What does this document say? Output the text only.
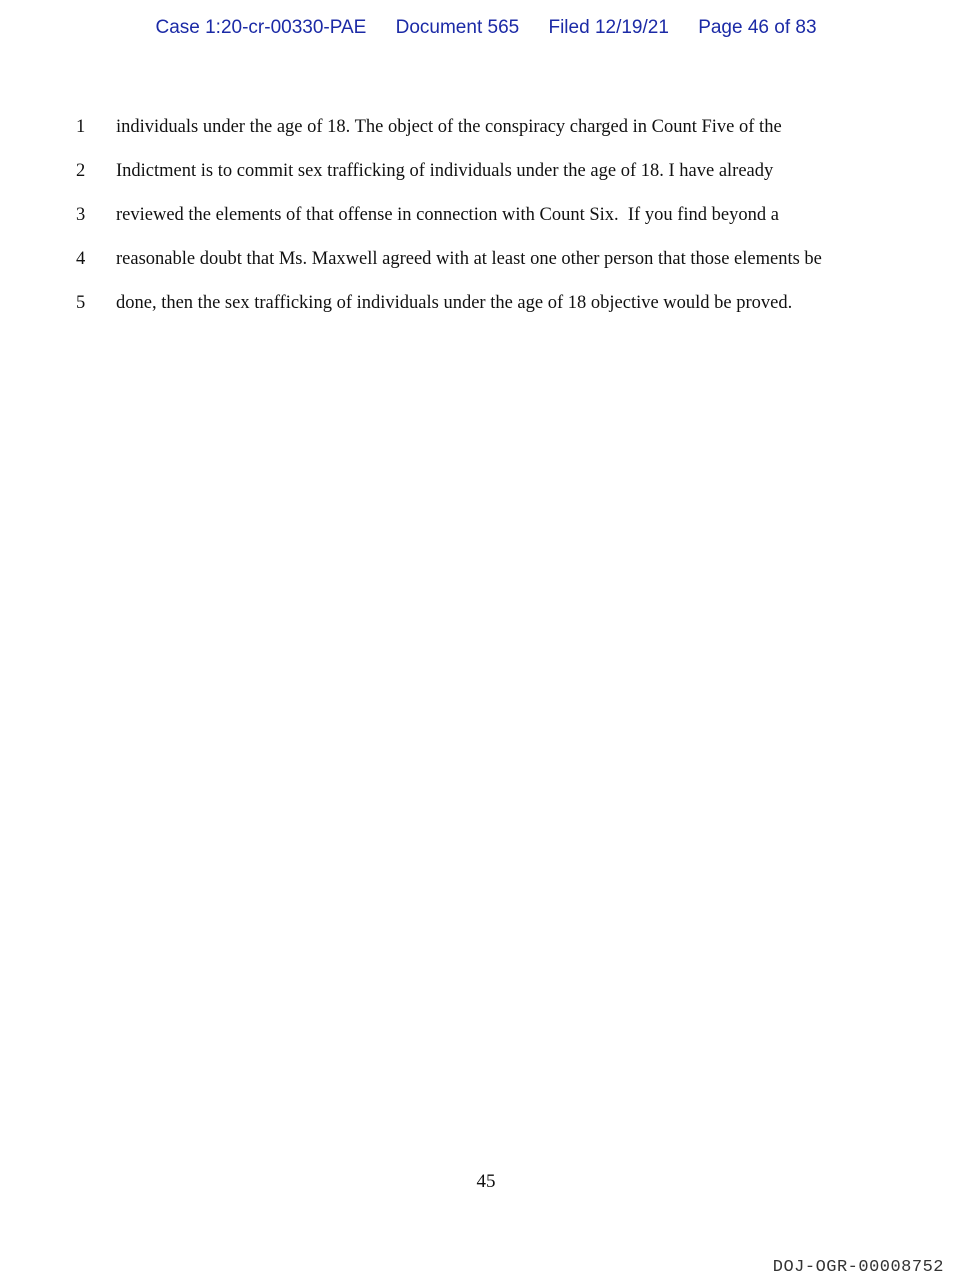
Case 1:20-cr-00330-PAE Document 565 Filed 12/19/21 Page 46 of 83
1	individuals under the age of 18. The object of the conspiracy charged in Count Five of the
2	Indictment is to commit sex trafficking of individuals under the age of 18. I have already
3	reviewed the elements of that offense in connection with Count Six.  If you find beyond a
4	reasonable doubt that Ms. Maxwell agreed with at least one other person that those elements be
5	done, then the sex trafficking of individuals under the age of 18 objective would be proved.
45
DOJ-OGR-00008752
